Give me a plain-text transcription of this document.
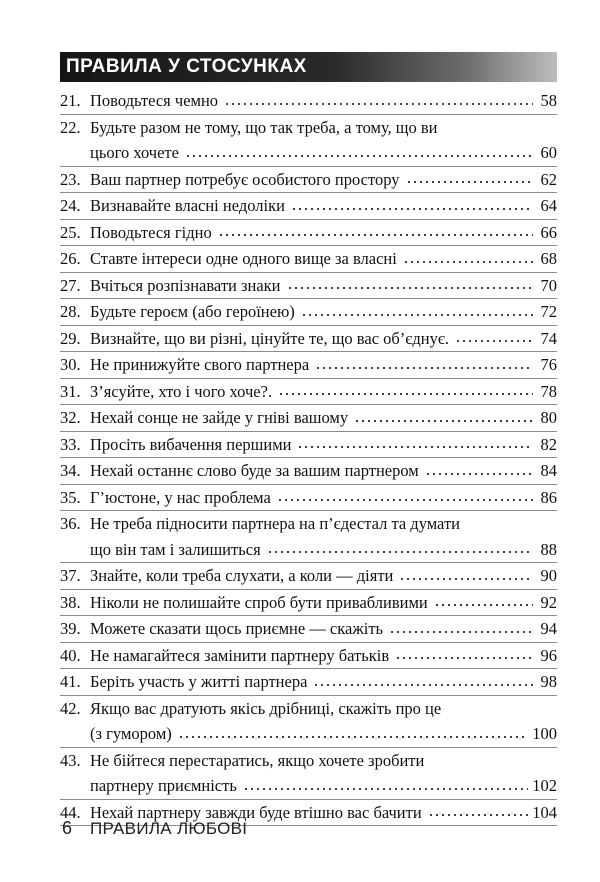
ПРАВИЛА У СТОСУНКАХ
21. Поводьтеся чемно	58
22. Будьте разом не тому, що так треба, а тому, що ви
цього хочете	60
23. Ваш партнер потребує особистого простору	62
24. Визнавайте власні недоліки	64
25. Поводьтеся гідно	66
26. Ставте інтереси одне одного вище за власні	68
27. Вчіться розпізнавати знаки	70
28. Будьте героєм (або героїнею)	72
29. Визнайте, що ви різні, цінуйте те, що вас об’єднує.	74
30. Не принижуйте свого партнера	76
31. З’ясуйте, хто і чого хоче?.	78
32. Нехай сонце не зайде у гніві вашому	80
33. Просіть вибачення першими	82
34. Нехай останнє слово буде за вашим партнером	84
35. Г’юстоне, у нас проблема	86
36. Не треба підносити партнера на п’єдестал та думати
що він там і залишиться	88
37. Знайте, коли треба слухати, а коли — діяти	90
38. Ніколи не полишайте спроб бути привабливими	92
39. Можете сказати щось приємне — скажіть	94
40. Не намагайтеся замінити партнеру батьків	96
41. Беріть участь у житті партнера	98
42. Якщо вас дратують якісь дрібниці, скажіть про це
(з гумором)	100
43. Не бійтеся перестаратись, якщо хочете зробити
партнеру приємність	102
44. Нехай партнеру завжди буде втішно вас бачити	104
6 ПРАВИЛА ЛЮБОВІ
